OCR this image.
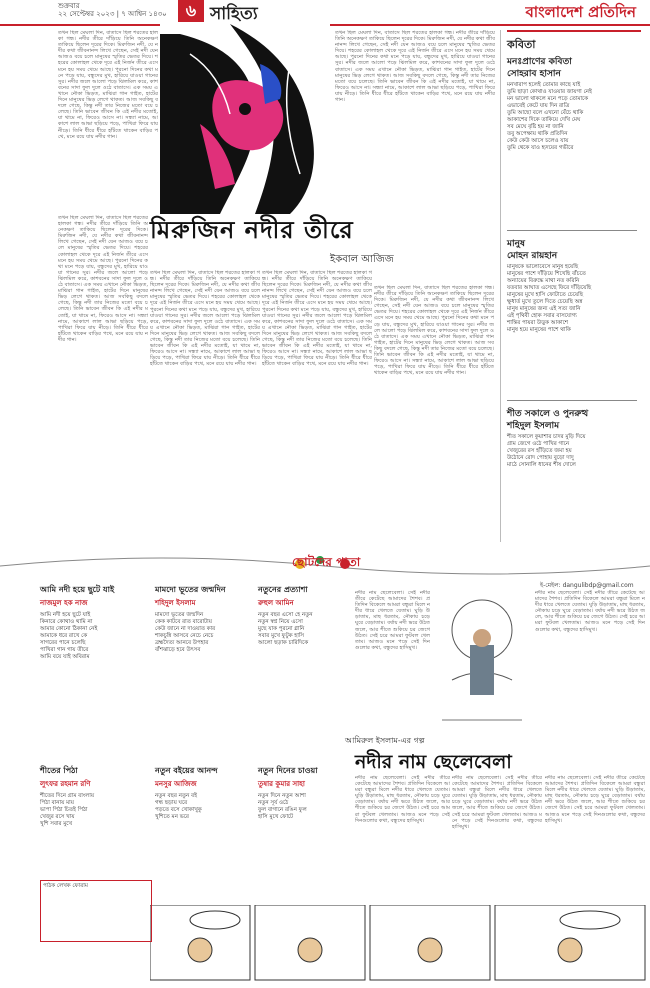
শুক্রবার
২২ সেপ্টেম্বর ২০২৩ | ৭ আশ্বিন ১৪৩০	৬ সাহিত্য	বাংলাদেশ প্রতিদিন
তখন ছিল মেঘলা দিন, বাতাসে ছিল শরতের হালকা গন্ধ। নদীর তীরে দাঁড়িয়ে তিনি অনেকক্ষণ তাকিয়ে ছিলেন দূরের দিকে। মিরুজিন নদী, যে নদীর কথা জীবনানন্দ লিখে গেছেন, সেই নদী যেন আজও বয়ে চলে মানুষের স্মৃতির ভেতর দিয়ে। শহরের কোলাহল থেকে দূরে এই নির্জন তীরে এসে মনে হয় সময় থেমে আছে। পুরনো দিনের কথা মনে পড়ে যায়, বন্ধুদের মুখ, হারিয়ে যাওয়া গানের সুর। নদীর জলে আলো পড়ে ঝিলমিল করে, কাশবনের সাদা ফুল দুলে ওঠে বাতাসে। এক সময় এখানে নৌকা ভিড়ত, মাঝিরা গান গাইত, হাটের দিনে মানুষের ভিড় লেগে থাকত। আজ সবকিছু বদলে গেছে, কিন্তু নদী তার নিজের মতো বয়ে চলেছে। তিনি ভাবেন জীবন কি এই নদীর মতোই, যা থামে না, ফিরেও আসে না। সন্ধ্যা নামে, আকাশে লাল আভা ছড়িয়ে পড়ে, পাখিরা ফিরে যায় নীড়ে। তিনি ধীরে ধীরে হাঁটতে থাকেন বাড়ির পথে, মনে রয়ে যায় নদীর গান।
তখন ছিল মেঘলা দিন, বাতাসে ছিল শরতের হালকা গন্ধ। নদীর তীরে দাঁড়িয়ে তিনি অনেকক্ষণ তাকিয়ে ছিলেন দূরের দিকে। মিরুজিন নদী, যে নদীর কথা জীবনানন্দ লিখে গেছেন, সেই নদী যেন আজও বয়ে চলে মানুষের স্মৃতির ভেতর দিয়ে। শহরের কোলাহল থেকে দূরে এই নির্জন তীরে এসে মনে হয় সময় থেমে আছে। পুরনো দিনের কথা মনে পড়ে যায়, বন্ধুদের মুখ, হারিয়ে যাওয়া গানের সুর। নদীর জলে আলো পড়ে ঝিলমিল করে, কাশবনের সাদা ফুল দুলে ওঠে বাতাসে। এক সময় এখানে নৌকা ভিড়ত, মাঝিরা গান গাইত, হাটের দিনে মানুষের ভিড় লেগে থাকত। আজ সবকিছু বদলে গেছে, কিন্তু নদী তার নিজের মতো বয়ে চলেছে। তিনি ভাবেন জীবন কি এই নদীর মতোই, যা থামে না, ফিরেও আসে না। সন্ধ্যা নামে, আকাশে লাল আভা ছড়িয়ে পড়ে, পাখিরা ফিরে যায় নীড়ে। তিনি ধীরে ধীরে হাঁটতে থাকেন বাড়ির পথে, মনে রয়ে যায় নদীর গান।
মিরুজিন নদীর তীরে
ইকবাল আজিজ
তখন ছিল মেঘলা দিন, বাতাসে ছিল শরতের হালকা গন্ধ। নদীর তীরে দাঁড়িয়ে তিনি অনেকক্ষণ তাকিয়ে ছিলেন দূরের দিকে। মিরুজিন নদী, যে নদীর কথা জীবনানন্দ লিখে গেছেন, সেই নদী যেন আজও বয়ে চলে মানুষের স্মৃতির ভেতর দিয়ে। শহরের কোলাহল থেকে দূরে এই নির্জন তীরে এসে মনে হয় সময় থেমে আছে। পুরনো দিনের কথা মনে পড়ে যায়, বন্ধুদের মুখ, হারিয়ে যাওয়া গানের সুর। নদীর জলে আলো পড়ে ঝিলমিল করে, কাশবনের সাদা ফুল দুলে ওঠে বাতাসে। এক সময় এখানে নৌকা ভিড়ত, মাঝিরা গান গাইত, হাটের দিনে মানুষের ভিড় লেগে থাকত। আজ সবকিছু বদলে গেছে, কিন্তু নদী তার নিজের মতো বয়ে চলেছে। তিনি ভাবেন জীবন কি এই নদীর মতোই, যা থামে না, ফিরেও আসে না। সন্ধ্যা নামে, আকাশে লাল আভা ছড়িয়ে পড়ে, পাখিরা ফিরে যায় নীড়ে। তিনি ধীরে ধীরে হাঁটতে থাকেন বাড়ির পথে, মনে রয়ে যায় নদীর গান।
তখন ছিল মেঘলা দিন, বাতাসে ছিল শরতের হালকা গন্ধ। নদীর তীরে দাঁড়িয়ে তিনি অনেকক্ষণ তাকিয়ে ছিলেন দূরের দিকে। মিরুজিন নদী, যে নদীর কথা জীবনানন্দ লিখে গেছেন, সেই নদী যেন আজও বয়ে চলে মানুষের স্মৃতির ভেতর দিয়ে। শহরের কোলাহল থেকে দূরে এই নির্জন তীরে এসে মনে হয় সময় থেমে আছে। পুরনো দিনের কথা মনে পড়ে যায়, বন্ধুদের মুখ, হারিয়ে যাওয়া গানের সুর। নদীর জলে আলো পড়ে ঝিলমিল করে, কাশবনের সাদা ফুল দুলে ওঠে বাতাসে। এক সময় এখানে নৌকা ভিড়ত, মাঝিরা গান গাইত, হাটের দিনে মানুষের ভিড় লেগে থাকত। আজ সবকিছু বদলে গেছে, কিন্তু নদী তার নিজের মতো বয়ে চলেছে। তিনি ভাবেন জীবন কি এই নদীর মতোই, যা থামে না, ফিরেও আসে না। সন্ধ্যা নামে, আকাশে লাল আভা ছড়িয়ে পড়ে, পাখিরা ফিরে যায় নীড়ে। তিনি ধীরে ধীরে হাঁটতে থাকেন বাড়ির পথে, মনে রয়ে যায় নদীর গান।
তখন ছিল মেঘলা দিন, বাতাসে ছিল শরতের হালকা গন্ধ। নদীর তীরে দাঁড়িয়ে তিনি অনেকক্ষণ তাকিয়ে ছিলেন দূরের দিকে। মিরুজিন নদী, যে নদীর কথা জীবনানন্দ লিখে গেছেন, সেই নদী যেন আজও বয়ে চলে মানুষের স্মৃতির ভেতর দিয়ে। শহরের কোলাহল থেকে দূরে এই নির্জন তীরে এসে মনে হয় সময় থেমে আছে। পুরনো দিনের কথা মনে পড়ে যায়, বন্ধুদের মুখ, হারিয়ে যাওয়া গানের সুর। নদীর জলে আলো পড়ে ঝিলমিল করে, কাশবনের সাদা ফুল দুলে ওঠে বাতাসে। এক সময় এখানে নৌকা ভিড়ত, মাঝিরা গান গাইত, হাটের দিনে মানুষের ভিড় লেগে থাকত। আজ সবকিছু বদলে গেছে, কিন্তু নদী তার নিজের মতো বয়ে চলেছে। তিনি ভাবেন জীবন কি এই নদীর মতোই, যা থামে না, ফিরেও আসে না। সন্ধ্যা নামে, আকাশে লাল আভা ছড়িয়ে পড়ে, পাখিরা ফিরে যায় নীড়ে। তিনি ধীরে ধীরে হাঁটতে থাকেন বাড়ির পথে, মনে রয়ে যায় নদীর গান।
তখন ছিল মেঘলা দিন, বাতাসে ছিল শরতের হালকা গন্ধ। নদীর তীরে দাঁড়িয়ে তিনি অনেকক্ষণ তাকিয়ে ছিলেন দূরের দিকে। মিরুজিন নদী, যে নদীর কথা জীবনানন্দ লিখে গেছেন, সেই নদী যেন আজও বয়ে চলে মানুষের স্মৃতির ভেতর দিয়ে। শহরের কোলাহল থেকে দূরে এই নির্জন তীরে এসে মনে হয় সময় থেমে আছে। পুরনো দিনের কথা মনে পড়ে যায়, বন্ধুদের মুখ, হারিয়ে যাওয়া গানের সুর। নদীর জলে আলো পড়ে ঝিলমিল করে, কাশবনের সাদা ফুল দুলে ওঠে বাতাসে। এক সময় এখানে নৌকা ভিড়ত, মাঝিরা গান গাইত, হাটের দিনে মানুষের ভিড় লেগে থাকত। আজ সবকিছু বদলে গেছে, কিন্তু নদী তার নিজের মতো বয়ে চলেছে। তিনি ভাবেন জীবন কি এই নদীর মতোই, যা থামে না, ফিরেও আসে না। সন্ধ্যা নামে, আকাশে লাল আভা ছড়িয়ে পড়ে, পাখিরা ফিরে যায় নীড়ে। তিনি ধীরে ধীরে হাঁটতে থাকেন বাড়ির পথে, মনে রয়ে যায় নদীর গান।
কবিতা
মনঃপ্রাণের কবিতা
সোহরাব হাসান
মনখারাপ হলেই তোমার কাছে যাই
তুমি ছাড়া কোথাও যাওয়ার জায়গা নেই
মন ভালো থাকলে মনে পড়ে তোমাকে
এভাবেই কেটে যায় দিন রাত্রি
তুমি আছো বলে এখনো বেঁচে থাকি
আকাশের দিকে তাকিয়ে দেখি মেঘ
সব মেঘে বৃষ্টি হয় না জানি
তবু অপেক্ষায় থাকি প্রতিদিন
কেউ কেউ আসে চলেও যায়
তুমি থেকে যাও হৃদয়ের গভীরে
মানুষ
মোহন রায়হান
মানুষকে ভালোবেসে মানুষ হয়েছি
মানুষের পাশে দাঁড়িয়ে শিখেছি বাঁচতে
অন্যায়ের বিরুদ্ধে মাথা নত করিনি
যতবার আঘাত এসেছে ফিরে দাঁড়িয়েছি
মানুষের মুখে হাসি ফোটাতে চেয়েছি
ক্ষুধার্ত মুখে তুলে দিতে চেয়েছি অন্ন
মানুষ মানুষের জন্য এই সত্য জানি
এই পৃথিবী হোক সবার বাসযোগ্য
শান্তির পায়রা উড়ুক আকাশে
মানুষ হয়ে মানুষের পাশে থাকি
শীত সকালে ও পুনরুত্থ
শহিদুল ইসলাম
শীত সকালে কুয়াশার চাদর মুড়ি দিয়ে
গ্রাম জেগে ওঠে পাখির গানে
খেজুরের রস হাঁড়িতে জমা হয়
উঠোনে রোদ পোহায় বুড়ো দাদু
মাঠে সোনালি ধানের শীষ দোলে
ছোটদের পাতা
ই-মেইল: dangulibdp@gmail.com
আমি নদী হয়ে ছুটে যাই
নাজমুল হক নাজ
আমি নদী হয়ে ছুটে যাই
কিনারে কোথাও থামি না
আমার কোনো ঠিকানা নেই
আমাকে ধরে রাখে কে
সাগরের পানে চলেছি
পাখিরা গান গায় তীরে
আমি বয়ে যাই অবিরাম
শীতের পিঠা
লুৎফর রহমান রণি
শীতের দিনে গ্রাম বাংলায়
পিঠা বানায় মায়
ভাপা পিঠা চিতই পিঠা
খেজুর রসে খায়
খুশি সবার মুখে
মামদো ভূতের জন্মদিন
শহিদুল ইসলাম
মামদো ভূতের জন্মদিন
কেক কাটবে রাত বারোটায়
কেউ জানে না দাওয়াত কার
শাকচুন্নি আসবে নেচে নেচে
ব্রহ্মদৈত্য আনবে উপহার
বাঁশঝাড়ে হবে উৎসব
নতুন বইয়ের আনন্দ
মনসুর আজিজ
নতুন বছর নতুন বই
গন্ধ ছড়ায় ঘরে
পড়তে বসে খোকাখুকু
খুশিতে মন ভরে
নতুনের প্রত্যাশা
রুহুল আমিন
নতুন বছর এসো হে নতুন
নতুন স্বপ্ন নিয়ে এসো
মুছে যাক পুরনো গ্লানি
সবার মুখে ফুটুক হাসি
আলো ছড়াক চারিদিকে
নতুন দিনের চাওয়া
তুষার কুমার সাহা
নতুন দিনে নতুন আশা
নতুন সূর্য ওঠে
ফুল বাগানে রঙিন ফুল
হাসি মুখে ফোটে
নদীর নাম ছেলেবেলা। সেই নদীর তীরে কেটেছে আমাদের শৈশব। প্রতিদিন বিকেলে আমরা বন্ধুরা মিলে নদীর ধারে খেলতে যেতাম। ঘুড়ি উড়াতাম, মাছ ধরতাম, নৌকায় চড়ে ঘুরে বেড়াতাম। বর্ষায় নদী ভরে উঠত জলে, আর শীতে শুকিয়ে চর জেগে উঠত। সেই চরে আমরা ফুটবল খেলতাম। আজও মনে পড়ে সেই দিনগুলোর কথা, বন্ধুদের হাসিমুখ।
নদীর নাম ছেলেবেলা। সেই নদীর তীরে কেটেছে আমাদের শৈশব। প্রতিদিন বিকেলে আমরা বন্ধুরা মিলে নদীর ধারে খেলতে যেতাম। ঘুড়ি উড়াতাম, মাছ ধরতাম, নৌকায় চড়ে ঘুরে বেড়াতাম। বর্ষায় নদী ভরে উঠত জলে, আর শীতে শুকিয়ে চর জেগে উঠত। সেই চরে আমরা ফুটবল খেলতাম। আজও মনে পড়ে সেই দিনগুলোর কথা, বন্ধুদের হাসিমুখ।
আমিরুল ইসলাম-এর গল্প
নদীর নাম ছেলেবেলা
নদীর নাম ছেলেবেলা। সেই নদীর তীরে কেটেছে আমাদের শৈশব। প্রতিদিন বিকেলে আমরা বন্ধুরা মিলে নদীর ধারে খেলতে যেতাম। ঘুড়ি উড়াতাম, মাছ ধরতাম, নৌকায় চড়ে ঘুরে বেড়াতাম। বর্ষায় নদী ভরে উঠত জলে, আর শীতে শুকিয়ে চর জেগে উঠত। সেই চরে আমরা ফুটবল খেলতাম। আজও মনে পড়ে সেই দিনগুলোর কথা, বন্ধুদের হাসিমুখ।
নদীর নাম ছেলেবেলা। সেই নদীর তীরে কেটেছে আমাদের শৈশব। প্রতিদিন বিকেলে আমরা বন্ধুরা মিলে নদীর ধারে খেলতে যেতাম। ঘুড়ি উড়াতাম, মাছ ধরতাম, নৌকায় চড়ে ঘুরে বেড়াতাম। বর্ষায় নদী ভরে উঠত জলে, আর শীতে শুকিয়ে চর জেগে উঠত। সেই চরে আমরা ফুটবল খেলতাম। আজও মনে পড়ে সেই দিনগুলোর কথা, বন্ধুদের হাসিমুখ।
নদীর নাম ছেলেবেলা। সেই নদীর তীরে কেটেছে আমাদের শৈশব। প্রতিদিন বিকেলে আমরা বন্ধুরা মিলে নদীর ধারে খেলতে যেতাম। ঘুড়ি উড়াতাম, মাছ ধরতাম, নৌকায় চড়ে ঘুরে বেড়াতাম। বর্ষায় নদী ভরে উঠত জলে, আর শীতে শুকিয়ে চর জেগে উঠত। সেই চরে আমরা ফুটবল খেলতাম। আজও মনে পড়ে সেই দিনগুলোর কথা, বন্ধুদের হাসিমুখ।
পাঠক লেখক ফোরাম
